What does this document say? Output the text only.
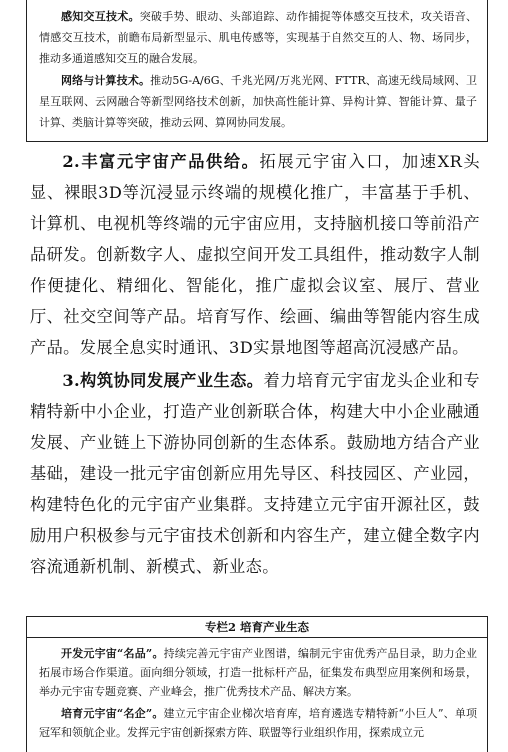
感知交互技术。突破手势、眼动、头部追踪、动作捕捉等体感交互技术，攻关语音、情感交互技术，前瞻布局新型显示、肌电传感等，实现基于自然交互的人、物、场同步，推动多通道感知交互的融合发展。

网络与计算技术。推动5G-A/6G、千兆光网/万兆光网、FTTR、高速无线局域网、卫星互联网、云网融合等新型网络技术创新，加快高性能计算、异构计算、智能计算、量子计算、类脑计算等突破，推动云网、算网协同发展。

2.丰富元宇宙产品供给。拓展元宇宙入口，加速XR头显、裸眼3D等沉浸显示终端的规模化推广，丰富基于手机、计算机、电视机等终端的元宇宙应用，支持脑机接口等前沿产品研发。创新数字人、虚拟空间开发工具组件，推动数字人制作便捷化、精细化、智能化，推广虚拟会议室、展厅、营业厅、社交空间等产品。培育写作、绘画、编曲等智能内容生成产品。发展全息实时通讯、3D实景地图等超高沉浸感产品。

3.构筑协同发展产业生态。着力培育元宇宙龙头企业和专精特新中小企业，打造产业创新联合体，构建大中小企业融通发展、产业链上下游协同创新的生态体系。鼓励地方结合产业基础，建设一批元宇宙创新应用先导区、科技园区、产业园，构建特色化的元宇宙产业集群。支持建立元宇宙开源社区，鼓励用户积极参与元宇宙技术创新和内容生产，建立健全数字内容流通新机制、新模式、新业态。

专栏2 培育产业生态

开发元宇宙“名品”。持续完善元宇宙产业图谱，编制元宇宙优秀产品目录，助力企业拓展市场合作渠道。面向细分领域，打造一批标杆产品，征集发布典型应用案例和场景，举办元宇宙专题竞赛、产业峰会，推广优秀技术产品、解决方案。

培育元宇宙“名企”。建立元宇宙企业梯次培育库，培育遴选专精特新“小巨人”、单项冠军和领航企业。发挥元宇宙创新探索方阵、联盟等行业组织作用，探索成立元
